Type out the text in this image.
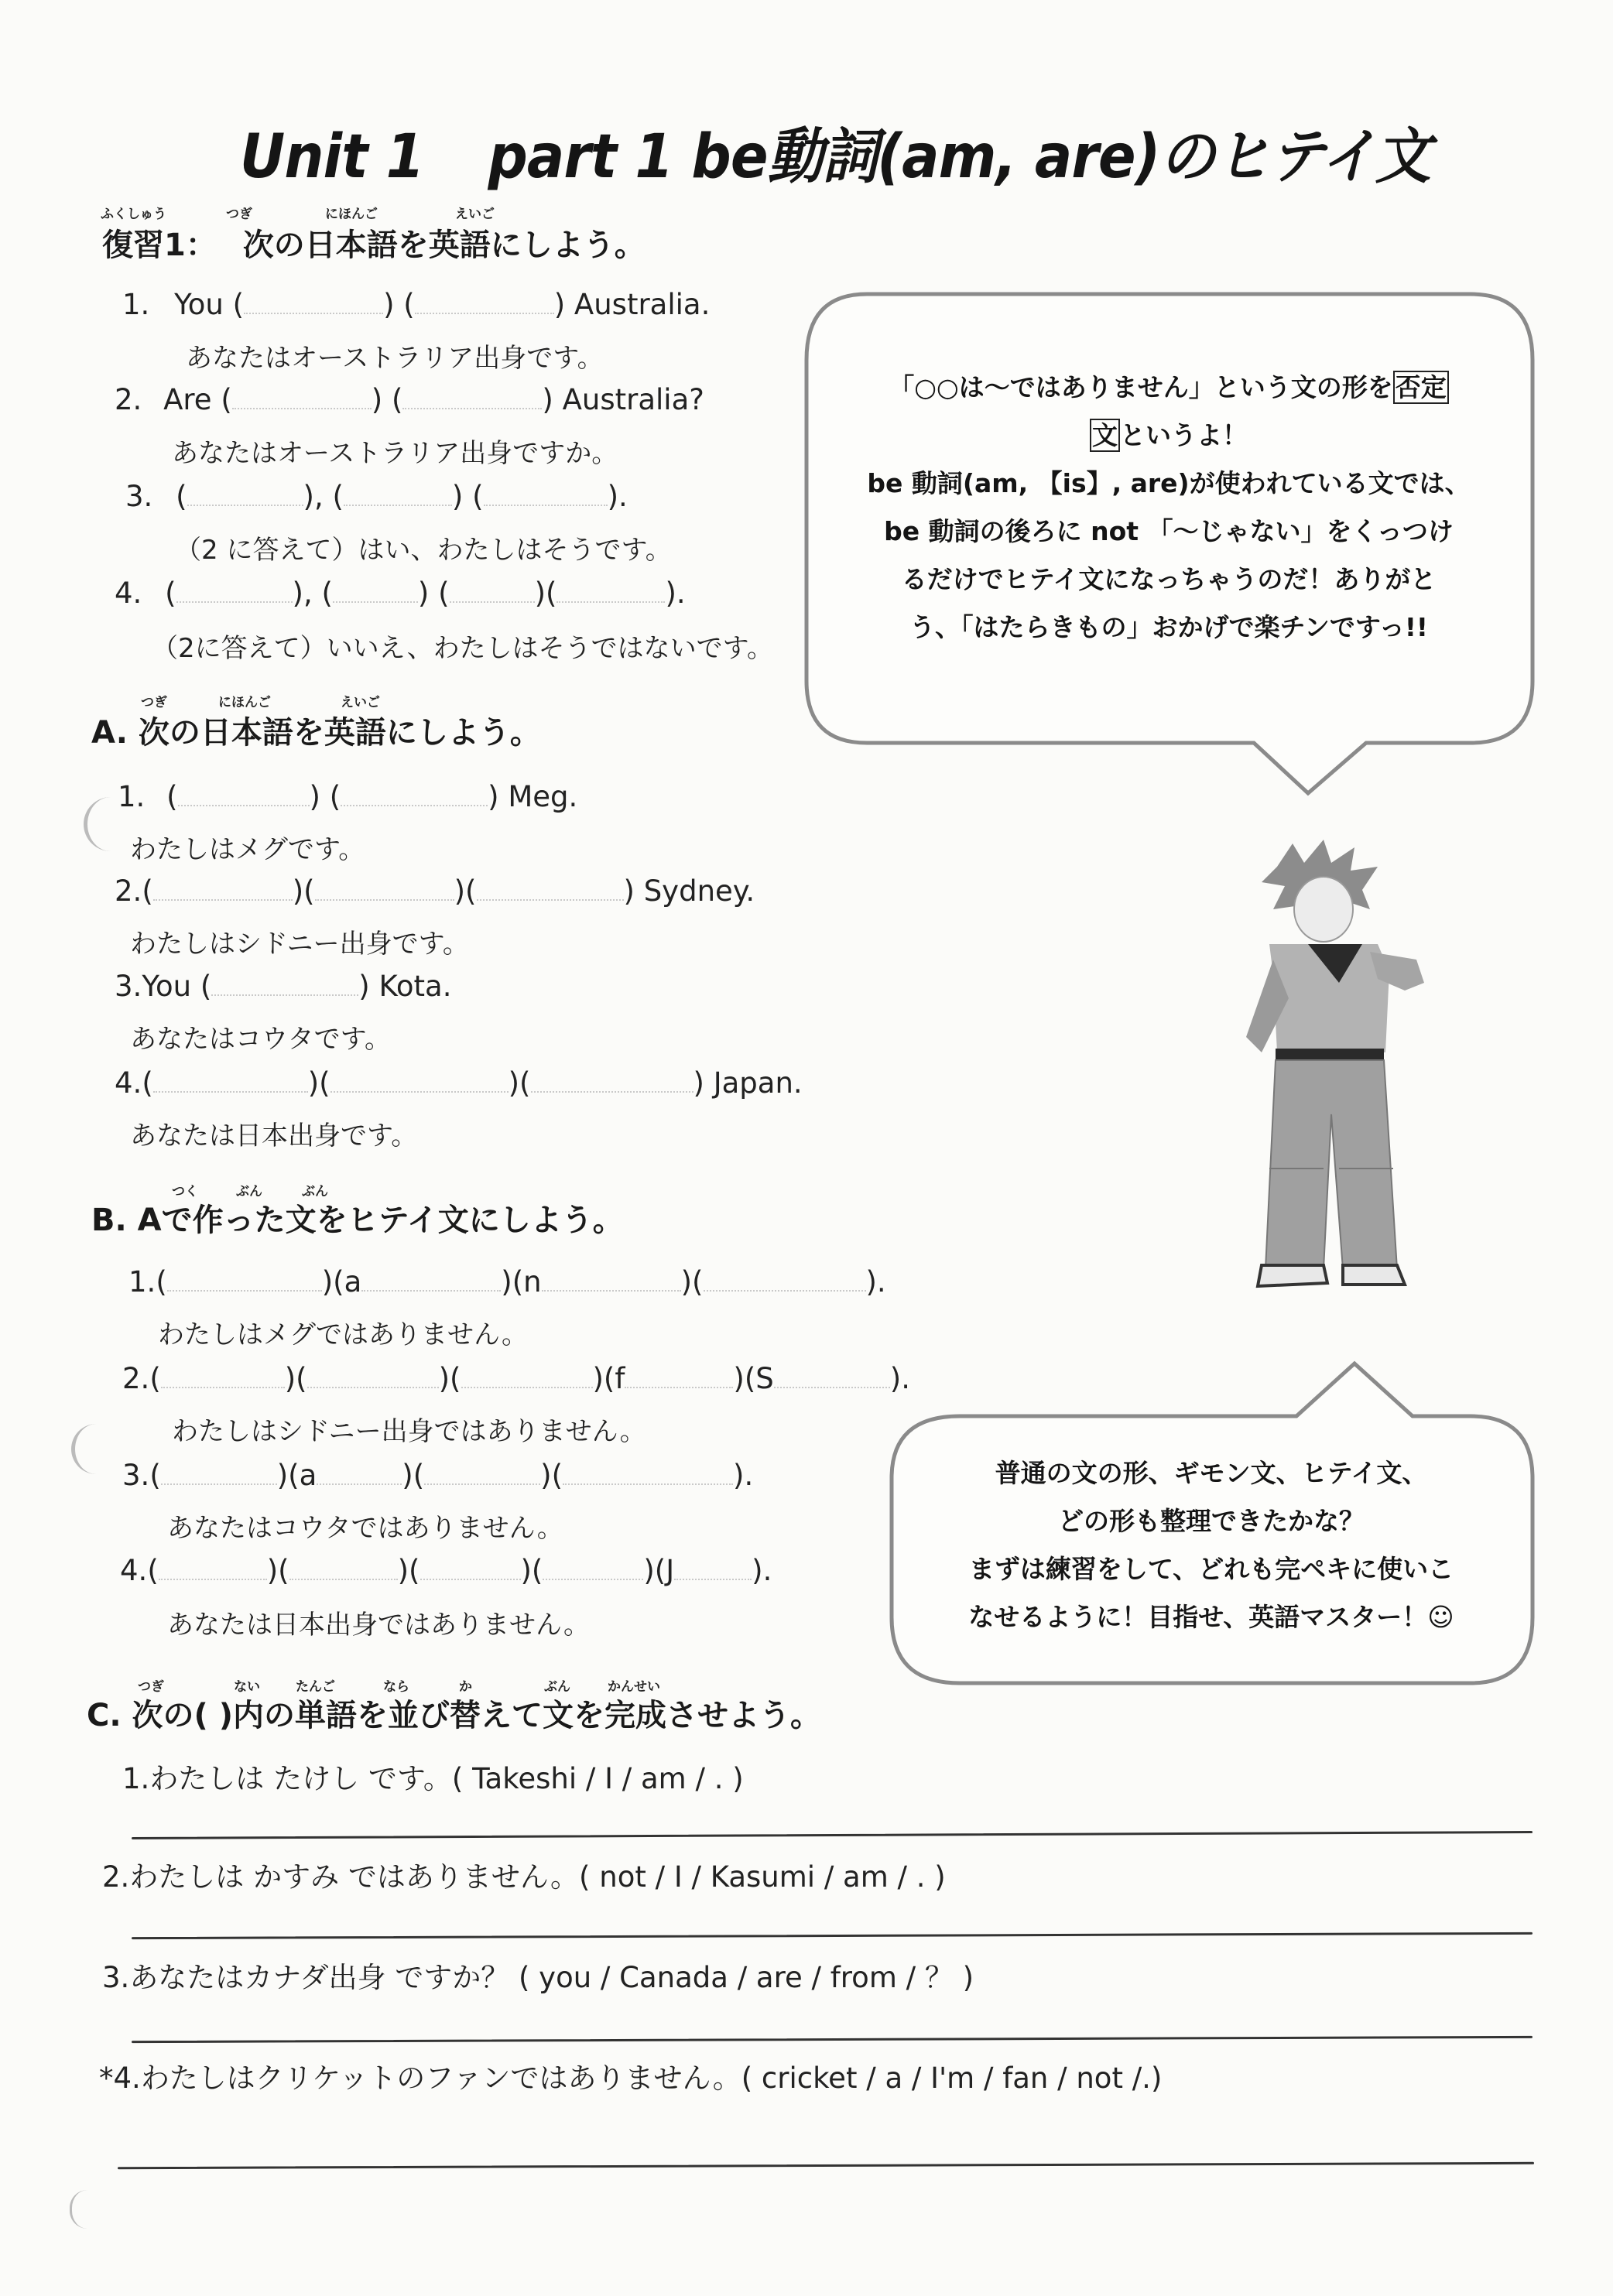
Unit 1 part 1 be動詞(am, are)のヒテイ文
ふくしゅう	つぎ	にほんご	えいご
復習1： 次の日本語を英語にしよう。
1. You (	) (	) Australia.
あなたはオーストラリア出身です。
2. Are (	) (	) Australia?
あなたはオーストラリア出身ですか。
3. (	), (	) (	).
（2 に答えて）はい、わたしはそうです。
4. (	), (	) (	)(	).
（2に答えて）いいえ、わたしはそうではないです。
「○○は～ではありません」という文の形を否定
文というよ！
be 動詞(am, 【is】, are)が使われている文では、
be 動詞の後ろに not 「～じゃない」をくっつけ
るだけでヒテイ文になっちゃうのだ！ありがと
う、「はたらきもの」おかげで楽チンですっ!!
つぎ	にほんご	えいご
A. 次の日本語を英語にしよう。
1. (	) (	) Meg.
わたしはメグです。
2.(	)(	)(	) Sydney.
わたしはシドニー出身です。
3.You (	) Kota.
あなたはコウタです。
4.(	)(	)(	) Japan.
あなたは日本出身です。
つく	ぶん	ぶん
B. Aで作った文をヒテイ文にしよう。
1.(	)(a	)(n	)(	).
わたしはメグではありません。
2.(	)(	)(	)(f	)(S	).
わたしはシドニー出身ではありません。
3.(	)(a	)(	)(	).
あなたはコウタではありません。
4.(	)(	)(	)(	)(J	).
あなたは日本出身ではありません。
普通の文の形、ギモン文、ヒテイ文、
どの形も整理できたかな？
まずは練習をして、どれも完ペキに使いこ
なせるように！目指せ、英語マスター！☺
つぎ	ない	たんご	なら	か	ぶん	かんせい
C. 次の( )内の単語を並び替えて文を完成させよう。
1.わたしは たけし です。( Takeshi / I / am / . )
2.わたしは かすみ ではありません。( not / I / Kasumi / am / . )
3.あなたはカナダ出身 ですか？ ( you / Canada / are / from / ？ )
*4.わたしはクリケットのファンではありません。( cricket / a / I'm / fan / not /.)
